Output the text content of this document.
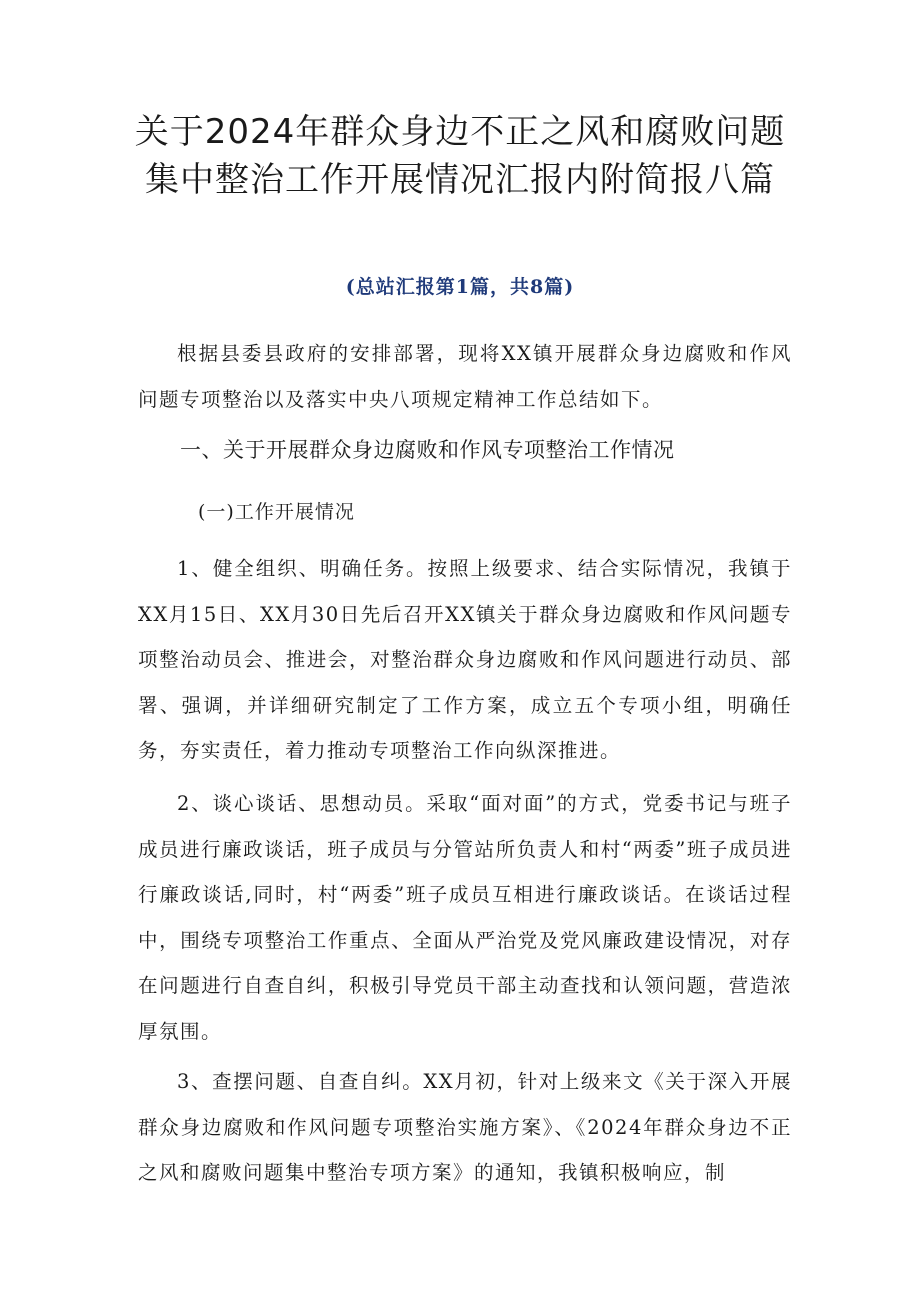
关于2024年群众身边不正之风和腐败问题
集中整治工作开展情况汇报内附简报八篇
(总站汇报第1篇，共8篇)

根据县委县政府的安排部署，现将XX镇开展群众身边腐败和作风问题专项整治以及落实中央八项规定精神工作总结如下。

一、关于开展群众身边腐败和作风专项整治工作情况
(一)工作开展情况

1、健全组织、明确任务。按照上级要求、结合实际情况，我镇于XX月15日、XX月30日先后召开XX镇关于群众身边腐败和作风问题专项整治动员会、推进会，对整治群众身边腐败和作风问题进行动员、部署、强调，并详细研究制定了工作方案，成立五个专项小组，明确任务，夯实责任，着力推动专项整治工作向纵深推进。

2、谈心谈话、思想动员。采取“面对面”的方式，党委书记与班子成员进行廉政谈话，班子成员与分管站所负责人和村“两委”班子成员进行廉政谈话,同时，村“两委”班子成员互相进行廉政谈话。在谈话过程中，围绕专项整治工作重点、全面从严治党及党风廉政建设情况，对存在问题进行自查自纠，积极引导党员干部主动查找和认领问题，营造浓厚氛围。

3、查摆问题、自查自纠。XX月初，针对上级来文《关于深入开展群众身边腐败和作风问题专项整治实施方案》、《2024年群众身边不正之风和腐败问题集中整治专项方案》的通知，我镇积极响应，制
